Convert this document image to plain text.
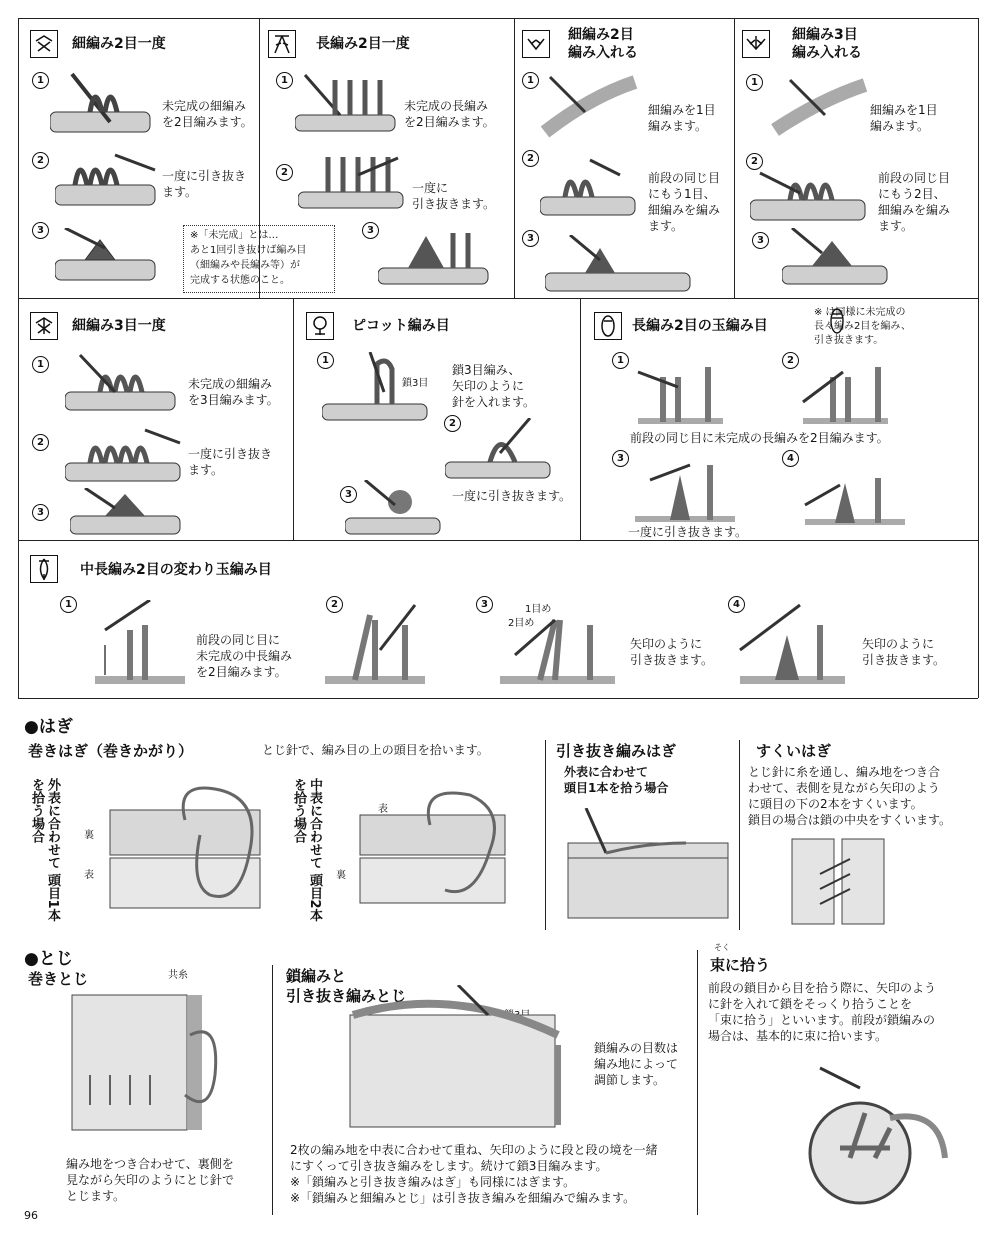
細編み2目一度
1
2
3
未完成の細編み
を2目編みます。
一度に引き抜き
ます。
※「未完成」とは…
あと1回引き抜けば編み目
（細編みや長編み等）が
完成する状態のこと。
長編み2目一度
1
2
3
未完成の長編み
を2目編みます。
一度に
引き抜きます。
細編み2目
編み入れる
1
2
3
細編みを1目
編みます。
前段の同じ目
にもう1目、
細編みを編み
ます。
細編み3目
編み入れる
1
2
3
細編みを1目
編みます。
前段の同じ目
にもう2目、
細編みを編み
ます。
細編み3目一度
1
2
3
未完成の細編み
を3目編みます。
一度に引き抜き
ます。
ピコット編み目
1
2
3
鎖3目編み、
矢印のように
針を入れます。
一度に引き抜きます。
鎖3目
長編み2目の玉編み目
※ は同様に未完成の
長々編み2目を編み、
引き抜きます。
1	2
3	4
前段の同じ目に未完成の長編みを2目編みます。
一度に引き抜きます。
中長編み2目の変わり玉編み目
1	2	3	4
前段の同じ目に
未完成の中長編み
を2目編みます。
矢印のように
引き抜きます。
矢印のように
引き抜きます。
1目め
2目め
●はぎ
巻きはぎ（巻きかがり）	とじ針で、編み目の上の頭目を拾います。
外表に合わせて 頭目1本を拾う場合	中表に合わせて 頭目2本を拾う場合
裏
表
表
裏
引き抜き編みはぎ
外表に合わせて
頭目1本を拾う場合
すくいはぎ
とじ針に糸を通し、編み地をつき合
わせて、表側を見ながら矢印のよう
に頭目の下の2本をすくいます。
鎖目の場合は鎖の中央をすくいます。
●とじ
巻きとじ	共糸
編み地をつき合わせて、裏側を
見ながら矢印のようにとじ針で
とじます。
鎖編みと
引き抜き編みとじ
鎖編みの目数は
編み地によって
調節します。
2枚の編み地を中表に合わせて重ね、矢印のように段と段の境を一緒
にすくって引き抜き編みをします。続けて鎖3目編みます。
※「鎖編みと引き抜き編みはぎ」も同様にはぎます。
※「鎖編みと細編みとじ」は引き抜き編みを細編みで編みます。
そく
束に拾う
前段の鎖目から目を拾う際に、矢印のよう
に針を入れて鎖をそっくり拾うことを
「束に拾う」といいます。前段が鎖編みの
場合は、基本的に束に拾います。
96
